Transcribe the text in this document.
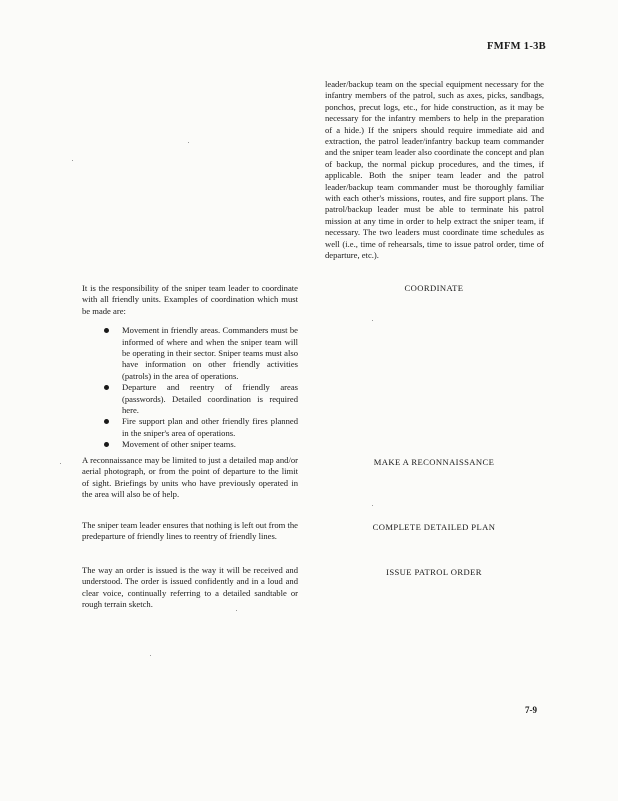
FMFM 1-3B

leader/backup team on the special equipment necessary for the infantry members of the patrol, such as axes, picks, sandbags, ponchos, precut logs, etc., for hide construction, as it may be necessary for the infantry members to help in the preparation of a hide.) If the snipers should require immediate aid and extraction, the patrol leader/infantry backup team commander and the sniper team leader also coordinate the concept and plan of backup, the normal pickup procedures, and the times, if applicable. Both the sniper team leader and the patrol leader/backup team commander must be thoroughly familiar with each other's missions, routes, and fire support plans. The patrol/backup leader must be able to terminate his patrol mission at any time in order to help extract the sniper team, if necessary. The two leaders must coordinate time schedules as well (i.e., time of rehearsals, time to issue patrol order, time of departure, etc.).

COORDINATE

It is the responsibility of the sniper team leader to coordinate with all friendly units. Examples of coordination which must be made are:

Movement in friendly areas. Commanders must be informed of where and when the sniper team will be operating in their sector. Sniper teams must also have information on other friendly activities (patrols) in the area of operations.
Departure and reentry of friendly areas (passwords). Detailed coordination is required here.
Fire support plan and other friendly fires planned in the sniper's area of operations.
Movement of other sniper teams.
MAKE A RECONNAISSANCE

A reconnaissance may be limited to just a detailed map and/or aerial photograph, or from the point of departure to the limit of sight. Briefings by units who have previously operated in the area will also be of help.

COMPLETE DETAILED PLAN

The sniper team leader ensures that nothing is left out from the predeparture of friendly lines to reentry of friendly lines.

ISSUE PATROL ORDER

The way an order is issued is the way it will be received and understood. The order is issued confidently and in a loud and clear voice, continually referring to a detailed sandtable or rough terrain sketch.

7-9
